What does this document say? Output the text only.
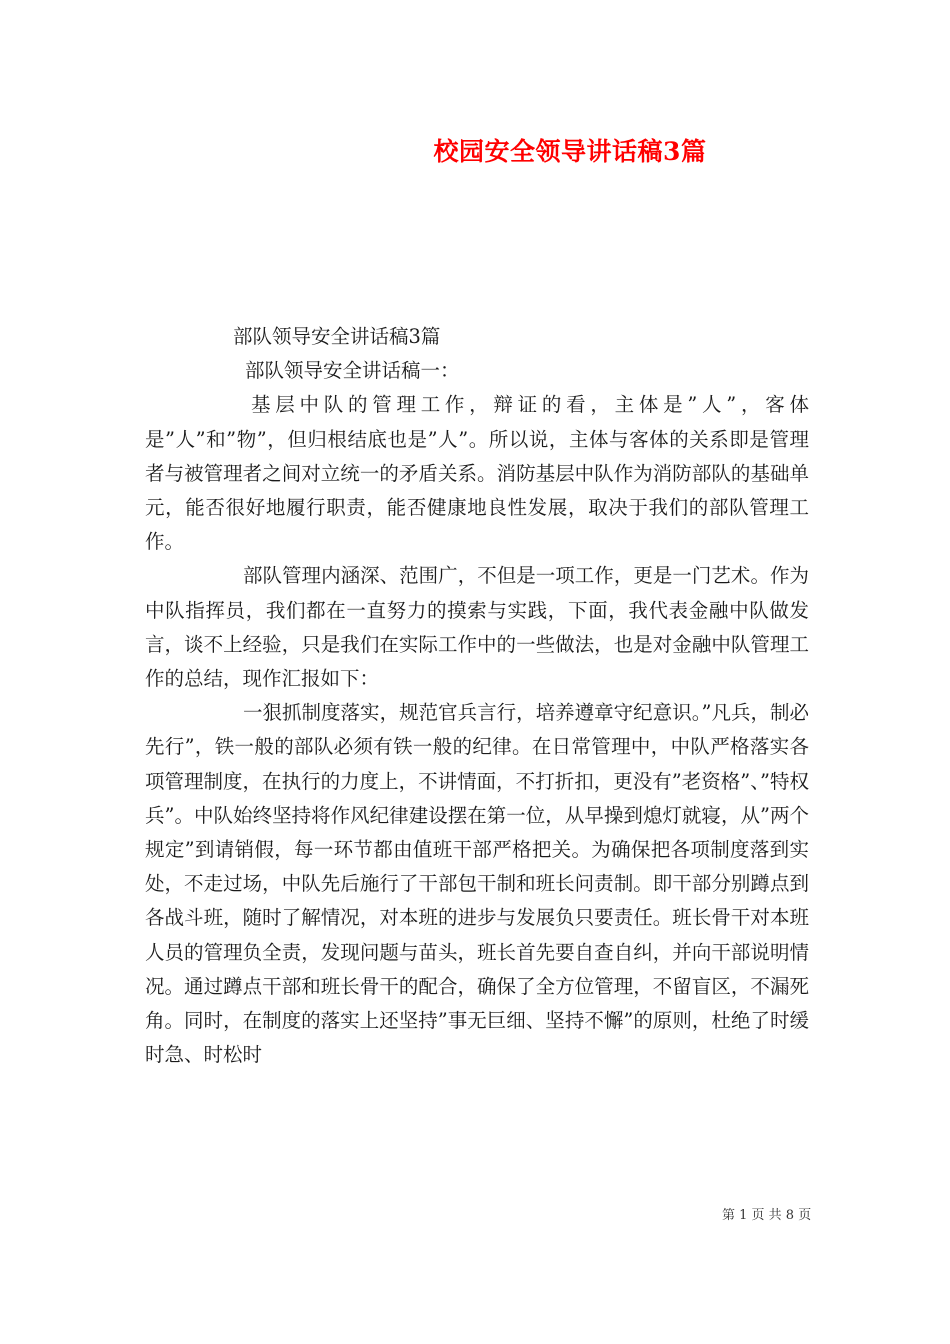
校园安全领导讲话稿3篇

部队领导安全讲话稿3篇

部队领导安全讲话稿一：

基层中队的管理工作，辩证的看，主体是”人”，客体是”人”和”物”，但归根结底也是”人”。所以说，主体与客体的关系即是管理者与被管理者之间对立统一的矛盾关系。消防基层中队作为消防部队的基础单元，能否很好地履行职责，能否健康地良性发展，取决于我们的部队管理工作。

部队管理内涵深、范围广，不但是一项工作，更是一门艺术。作为中队指挥员，我们都在一直努力的摸索与实践，下面，我代表金融中队做发言，谈不上经验，只是我们在实际工作中的一些做法，也是对金融中队管理工作的总结，现作汇报如下：

一狠抓制度落实，规范官兵言行，培养遵章守纪意识。”凡兵，制必先行”，铁一般的部队必须有铁一般的纪律。在日常管理中，中队严格落实各项管理制度，在执行的力度上，不讲情面，不打折扣，更没有”老资格”、”特权兵”。中队始终坚持将作风纪律建设摆在第一位，从早操到熄灯就寝，从”两个规定”到请销假，每一环节都由值班干部严格把关。为确保把各项制度落到实处，不走过场，中队先后施行了干部包干制和班长问责制。即干部分别蹲点到各战斗班，随时了解情况，对本班的进步与发展负只要责任。班长骨干对本班人员的管理负全责，发现问题与苗头，班长首先要自查自纠，并向干部说明情况。通过蹲点干部和班长骨干的配合，确保了全方位管理，不留盲区，不漏死角。同时，在制度的落实上还坚持”事无巨细、坚持不懈”的原则，杜绝了时缓时急、时松时

第 1 页 共 8 页
